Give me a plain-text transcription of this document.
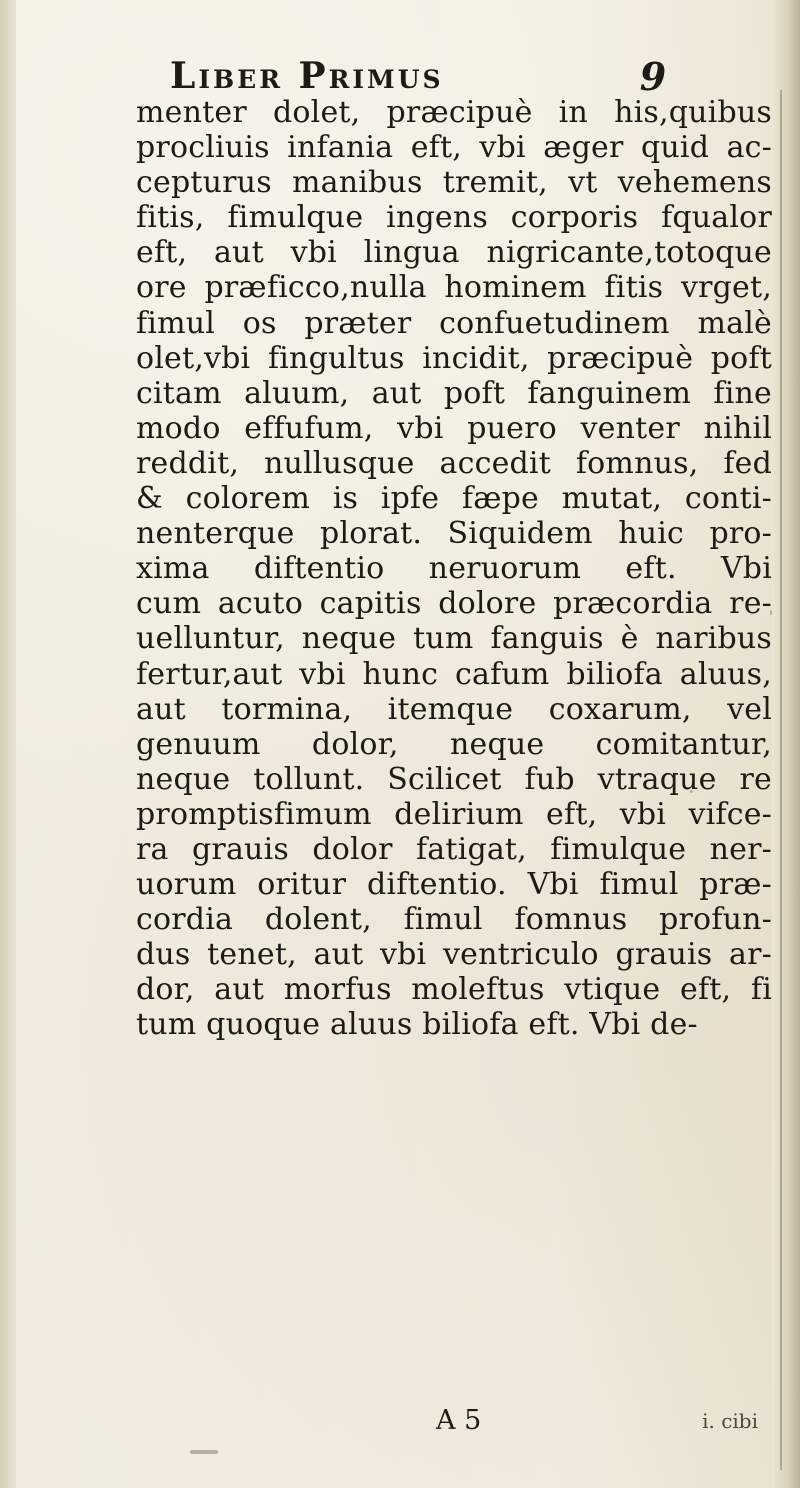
Liber Primus	9
menter dolet, præcipuè in his,quibus
procliuis infania eft, vbi æger quid ac-
cepturus manibus tremit, vt vehemens
fitis, fimulque ingens corporis fqualor
eft, aut vbi lingua nigricante,totoque
ore præficco,nulla hominem fitis vrget,
fimul os præter confuetudinem malè
olet,vbi fingultus incidit, præcipuè poft
citam aluum, aut poft fanguinem fine
modo effufum, vbi puero venter nihil
reddit, nullusque accedit fomnus, fed
& colorem is ipfe fæpe mutat, conti-
nenterque plorat. Siquidem huic pro-
xima diftentio neruorum eft. Vbi
cum acuto capitis dolore præcordia re-
uelluntur, neque tum fanguis è naribus
fertur,aut vbi hunc cafum biliofa aluus,
aut tormina, itemque coxarum, vel
genuum dolor, neque comitantur,
neque tollunt. Scilicet fub vtraque re
promptisfimum delirium eft, vbi vifce-
ra grauis dolor fatigat, fimulque ner-
uorum oritur diftentio. Vbi fimul præ-
cordia dolent, fimul fomnus profun-
dus tenet, aut vbi ventriculo grauis ar-
dor, aut morfus moleftus vtique eft, fi
tum quoque aluus biliofa eft. Vbi de-
A 5	i. cibi
